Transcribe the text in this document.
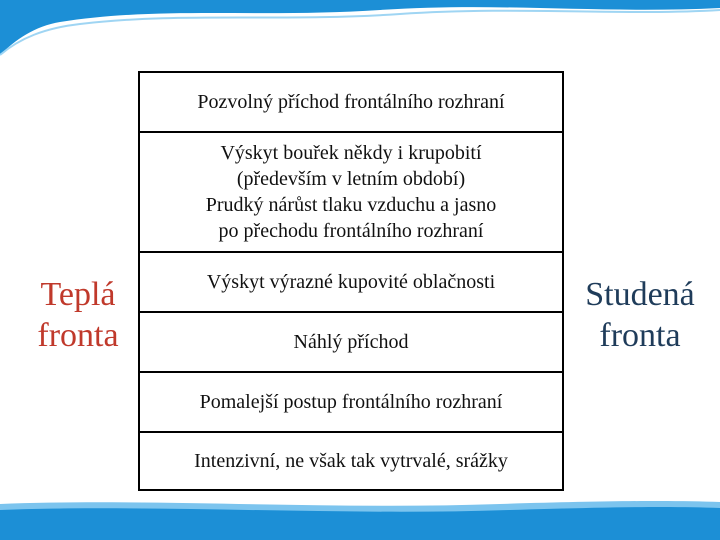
Teplá
fronta
Studená
fronta
Pozvolný příchod frontálního rozhraní
Výskyt bouřek někdy i krupobití
(především v letním období)
Prudký nárůst tlaku vzduchu a jasno
po přechodu frontálního rozhraní
Výskyt výrazné kupovité oblačnosti
Náhlý příchod
Pomalejší postup frontálního rozhraní
Intenzivní, ne však tak vytrvalé, srážky
